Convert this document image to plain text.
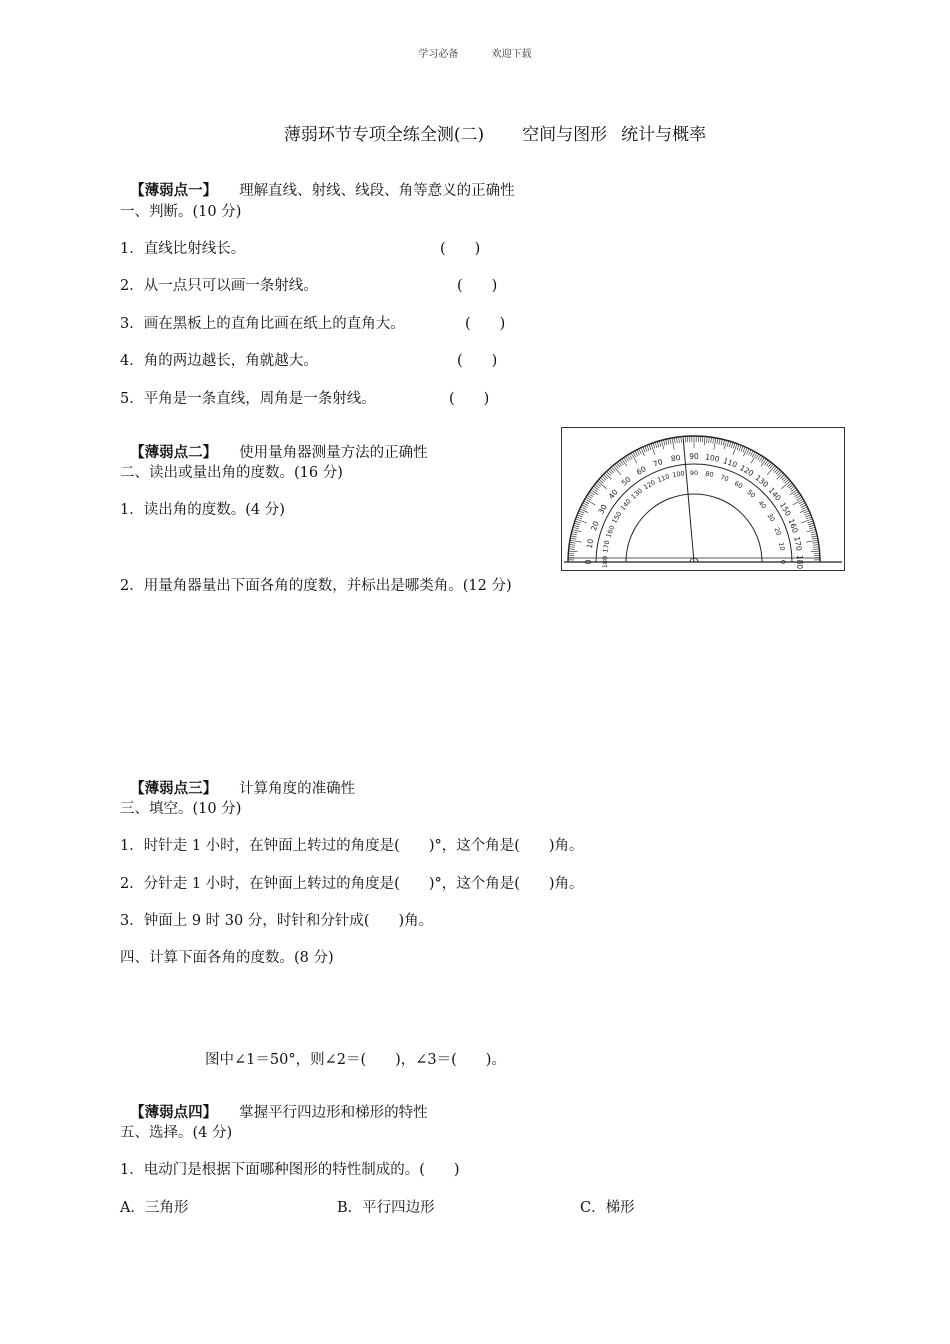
学习必备	欢迎下载
薄弱环节专项全练全测(二) 空间与图形 统计与概率

【薄弱点一】 理解直线、射线、线段、角等意义的正确性

一、判断。(10 分)
1．直线比射线长。	(　　)
2．从一点只可以画一条射线。	(　　)
3．画在黑板上的直角比画在纸上的直角大。	(　　)
4．角的两边越长，角就越大。	(　　)
5．平角是一条直线，周角是一条射线。	(　　)

【薄弱点二】 使用量角器测量方法的正确性

二、读出或量出角的度数。(16 分)
1．读出角的度数。(4 分)
2．用量角器量出下面各角的度数，并标出是哪类角。(12 分)
0
10
20
30
40
50
60
70 80 90 100 110
120
130
140
150
160
170
180
0
10
20
30
40
50
60
70
80
90
100
110
120
130
140
150
160
170
180

【薄弱点三】 计算角度的准确性

三、填空。(10 分)
1．时针走 1 小时，在钟面上转过的角度是(　　)°，这个角是(　　)角。
2．分针走 1 小时，在钟面上转过的角度是(　　)°，这个角是(　　)角。
3．钟面上 9 时 30 分，时针和分针成(　　)角。
四、计算下面各角的度数。(8 分)
图中∠1＝50°，则∠2＝(　　)，∠3＝(　　)。

【薄弱点四】 掌握平行四边形和梯形的特性

五、选择。(4 分)
1．电动门是根据下面哪种图形的特性制成的。(　　)
A．三角形	B．平行四边形	C．梯形
